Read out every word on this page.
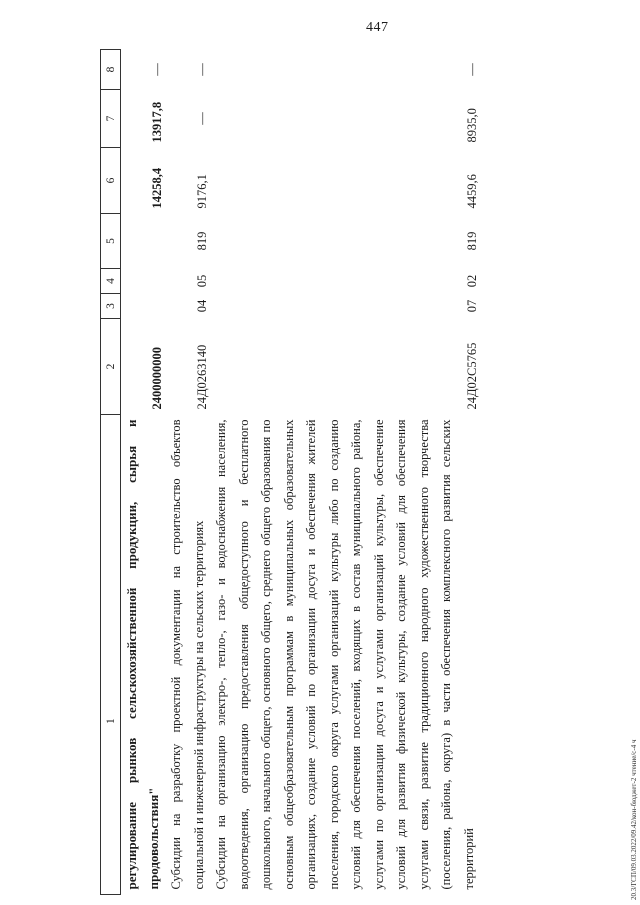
447
20.3/ГСП/09.03.2022/09.42/кон-бюджет-2 чтение/с-4 ч
1	2	3	4	5	6	7	8
регулирование рынков сельскохозяйственной продукции, сырья и продовольствия"	2400000000				14258,4	13917,8	—
Субсидии на разработку проектной документации на строительство объектов социальной и инженерной инфраструктуры на сельских территориях	24Д0263140	04	05	819	9176,1	—	—
Субсидии на организацию электро-, тепло-, газо- и водоснабжения населения, водоотведения, организацию предоставления общедоступного и бесплатного дошкольного, начального общего, основного общего, среднего общего образования по основным общеобразовательным программам в муниципальных образовательных организациях, создание условий по организации досуга и обеспечения жителей поселения, городского округа услугами организаций культуры либо по созданию условий для обеспечения поселений, входящих в состав муниципального района, услугами по организации досуга и услугами организаций культуры, обеспечение условий для развития физической культуры, создание условий для обеспечения услугами связи, развитие традиционного народного художественного творчества (поселения, района, округа) в части обеспечения комплексного развития сельских территорий	24Д02С5765	07	02	819	4459,6	8935,0	—
